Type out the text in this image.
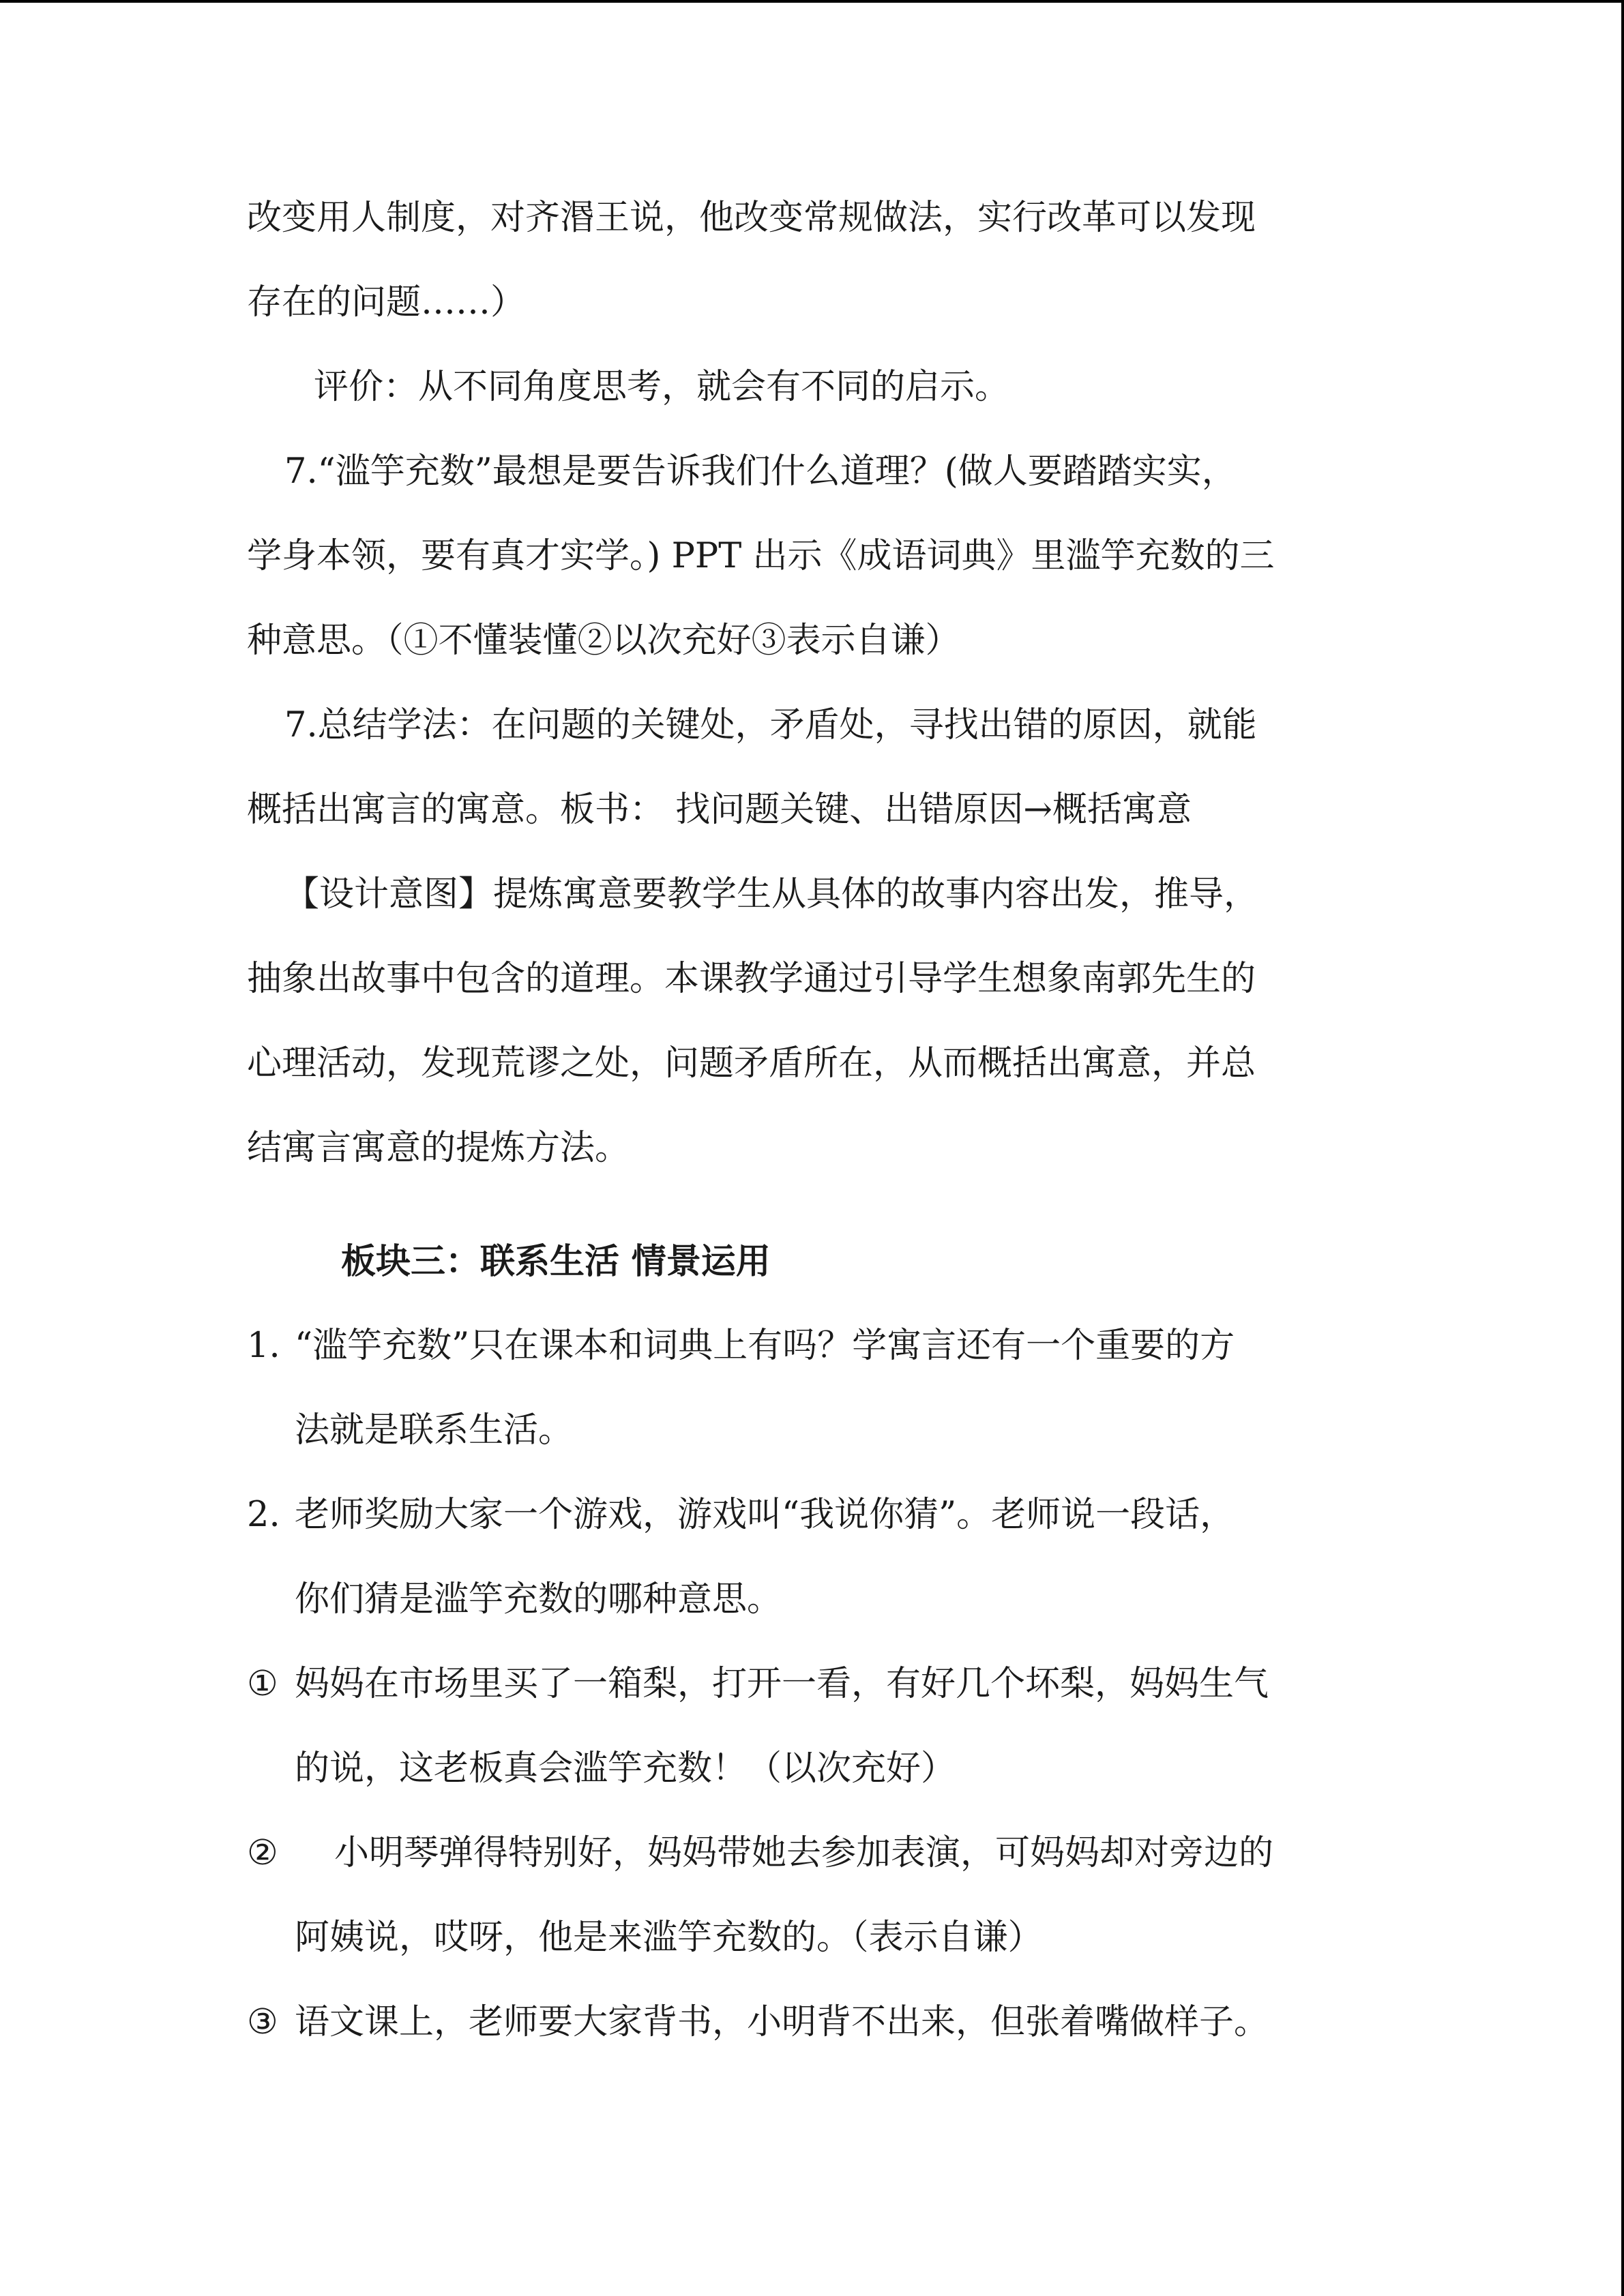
改变用人制度，对齐湣王说，他改变常规做法，实行改革可以发现
存在的问题……）
评价：从不同角度思考，就会有不同的启示。
7.“滥竽充数”最想是要告诉我们什么道理？(做人要踏踏实实，
学身本领，要有真才实学。) PPT 出示《成语词典》里滥竽充数的三
种意思。（①不懂装懂②以次充好③表示自谦）
7.总结学法：在问题的关键处，矛盾处，寻找出错的原因，就能
概括出寓言的寓意。板书： 找问题关键、出错原因→概括寓意
【设计意图】提炼寓意要教学生从具体的故事内容出发，推导，
抽象出故事中包含的道理。本课教学通过引导学生想象南郭先生的
心理活动，发现荒谬之处，问题矛盾所在，从而概括出寓意，并总
结寓言寓意的提炼方法。
板块三：联系生活 情景运用
1. “滥竽充数”只在课本和词典上有吗？学寓言还有一个重要的方
法就是联系生活。
2. 老师奖励大家一个游戏，游戏叫“我说你猜”。老师说一段话，
你们猜是滥竽充数的哪种意思。
① 妈妈在市场里买了一箱梨，打开一看，有好几个坏梨，妈妈生气
的说，这老板真会滥竽充数！（以次充好）
② 小明琴弹得特别好，妈妈带她去参加表演，可妈妈却对旁边的
阿姨说，哎呀，他是来滥竽充数的。（表示自谦）
③ 语文课上，老师要大家背书，小明背不出来，但张着嘴做样子。
